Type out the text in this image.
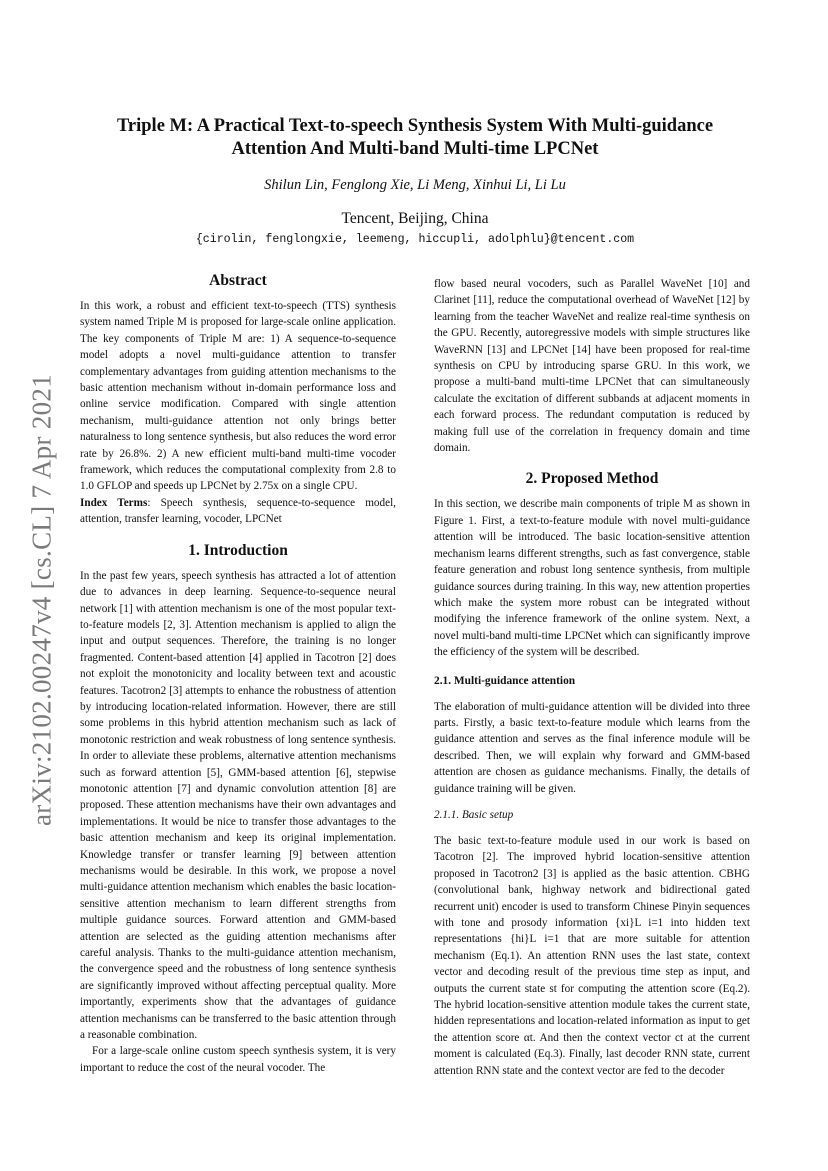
arXiv:2102.00247v4 [cs.CL] 7 Apr 2021
Triple M: A Practical Text-to-speech Synthesis System With Multi-guidance
Attention And Multi-band Multi-time LPCNet
Shilun Lin, Fenglong Xie, Li Meng, Xinhui Li, Li Lu
Tencent, Beijing, China
{cirolin, fenglongxie, leemeng, hiccupli, adolphlu}@tencent.com
Abstract

In this work, a robust and efficient text-to-speech (TTS) synthesis system named Triple M is proposed for large-scale online application. The key components of Triple M are: 1) A sequence-to-sequence model adopts a novel multi-guidance attention to transfer complementary advantages from guiding attention mechanisms to the basic attention mechanism without in-domain performance loss and online service modification. Compared with single attention mechanism, multi-guidance attention not only brings better naturalness to long sentence synthesis, but also reduces the word error rate by 26.8%. 2) A new efficient multi-band multi-time vocoder framework, which reduces the computational complexity from 2.8 to 1.0 GFLOP and speeds up LPCNet by 2.75x on a single CPU.

Index Terms: Speech synthesis, sequence-to-sequence model, attention, transfer learning, vocoder, LPCNet

1. Introduction

In the past few years, speech synthesis has attracted a lot of attention due to advances in deep learning. Sequence-to-sequence neural network [1] with attention mechanism is one of the most popular text-to-feature models [2, 3]. Attention mechanism is applied to align the input and output sequences. Therefore, the training is no longer fragmented. Content-based attention [4] applied in Tacotron [2] does not exploit the monotonicity and locality between text and acoustic features. Tacotron2 [3] attempts to enhance the robustness of attention by introducing location-related information. However, there are still some problems in this hybrid attention mechanism such as lack of monotonic restriction and weak robustness of long sentence synthesis. In order to alleviate these problems, alternative attention mechanisms such as forward attention [5], GMM-based attention [6], stepwise monotonic attention [7] and dynamic convolution attention [8] are proposed. These attention mechanisms have their own advantages and implementations. It would be nice to transfer those advantages to the basic attention mechanism and keep its original implementation. Knowledge transfer or transfer learning [9] between attention mechanisms would be desirable. In this work, we propose a novel multi-guidance attention mechanism which enables the basic location-sensitive attention mechanism to learn different strengths from multiple guidance sources. Forward attention and GMM-based attention are selected as the guiding attention mechanisms after careful analysis. Thanks to the multi-guidance attention mechanism, the convergence speed and the robustness of long sentence synthesis are significantly improved without affecting perceptual quality. More importantly, experiments show that the advantages of guidance attention mechanisms can be transferred to the basic attention through a reasonable combination.

For a large-scale online custom speech synthesis system, it is very important to reduce the cost of the neural vocoder. The

flow based neural vocoders, such as Parallel WaveNet [10] and Clarinet [11], reduce the computational overhead of WaveNet [12] by learning from the teacher WaveNet and realize real-time synthesis on the GPU. Recently, autoregressive models with simple structures like WaveRNN [13] and LPCNet [14] have been proposed for real-time synthesis on CPU by introducing sparse GRU. In this work, we propose a multi-band multi-time LPCNet that can simultaneously calculate the excitation of different subbands at adjacent moments in each forward process. The redundant computation is reduced by making full use of the correlation in frequency domain and time domain.

2. Proposed Method

In this section, we describe main components of triple M as shown in Figure 1. First, a text-to-feature module with novel multi-guidance attention will be introduced. The basic location-sensitive attention mechanism learns different strengths, such as fast convergence, stable feature generation and robust long sentence synthesis, from multiple guidance sources during training. In this way, new attention properties which make the system more robust can be integrated without modifying the inference framework of the online system. Next, a novel multi-band multi-time LPCNet which can significantly improve the efficiency of the system will be described.

2.1. Multi-guidance attention

The elaboration of multi-guidance attention will be divided into three parts. Firstly, a basic text-to-feature module which learns from the guidance attention and serves as the final inference module will be described. Then, we will explain why forward and GMM-based attention are chosen as guidance mechanisms. Finally, the details of guidance training will be given.

2.1.1. Basic setup

The basic text-to-feature module used in our work is based on Tacotron [2]. The improved hybrid location-sensitive attention proposed in Tacotron2 [3] is applied as the basic attention. CBHG (convolutional bank, highway network and bidirectional gated recurrent unit) encoder is used to transform Chinese Pinyin sequences with tone and prosody information {xi}L i=1 into hidden text representations {hi}L i=1 that are more suitable for attention mechanism (Eq.1). An attention RNN uses the last state, context vector and decoding result of the previous time step as input, and outputs the current state st for computing the attention score (Eq.2). The hybrid location-sensitive attention module takes the current state, hidden representations and location-related information as input to get the attention score αt. And then the context vector ct at the current moment is calculated (Eq.3). Finally, last decoder RNN state, current attention RNN state and the context vector are fed to the decoder
